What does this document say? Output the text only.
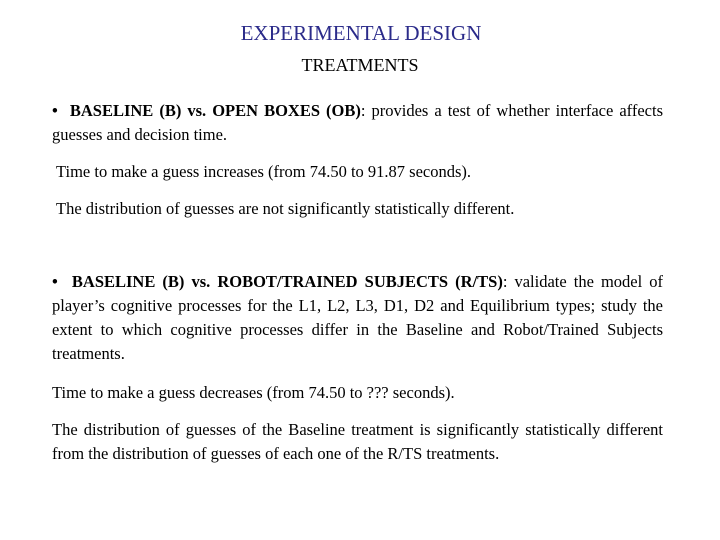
EXPERIMENTAL DESIGN
TREATMENTS

• BASELINE (B) vs. OPEN BOXES (OB): provides a test of whether interface affects guesses and decision time.

Time to make a guess increases (from 74.50 to 91.87 seconds).

The distribution of guesses are not significantly statistically different.

• BASELINE (B) vs. ROBOT/TRAINED SUBJECTS (R/TS): validate the model of player’s cognitive processes for the L1, L2, L3, D1, D2 and Equilibrium types; study the extent to which cognitive processes differ in the Baseline and Robot/Trained Subjects treatments.

Time to make a guess decreases (from 74.50 to ??? seconds).

The distribution of guesses of the Baseline treatment is significantly statistically different from the distribution of guesses of each one of the R/TS treatments.
